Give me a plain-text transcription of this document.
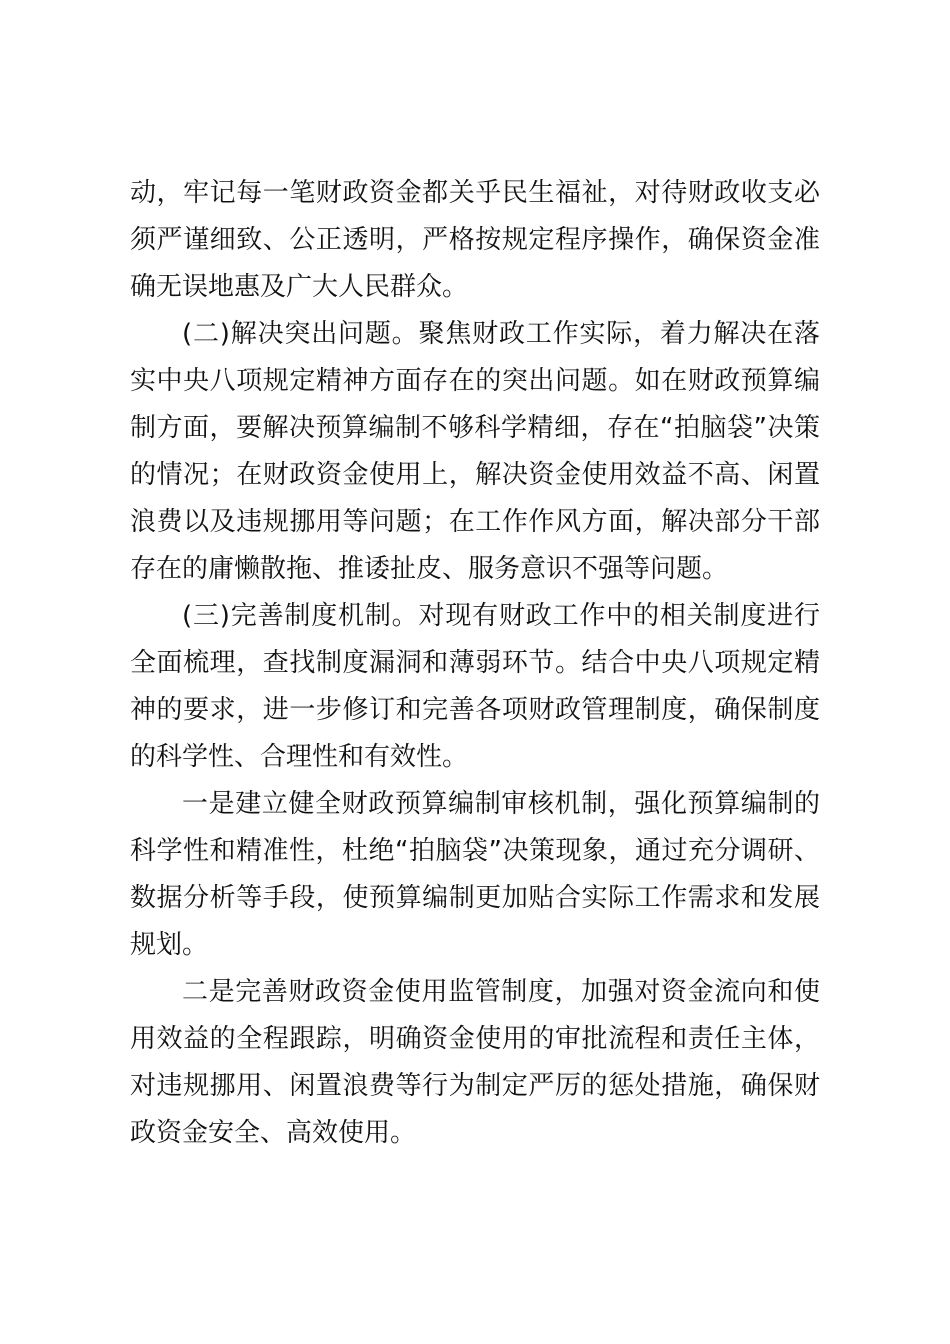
动，牢记每一笔财政资金都关乎民生福祉，对待财政收支必须严谨细致、公正透明，严格按规定程序操作，确保资金准确无误地惠及广大人民群众。

(二)解决突出问题。聚焦财政工作实际，着力解决在落实中央八项规定精神方面存在的突出问题。如在财政预算编制方面，要解决预算编制不够科学精细，存在“拍脑袋”决策的情况；在财政资金使用上，解决资金使用效益不高、闲置浪费以及违规挪用等问题；在工作作风方面，解决部分干部存在的庸懒散拖、推诿扯皮、服务意识不强等问题。

(三)完善制度机制。对现有财政工作中的相关制度进行全面梳理，查找制度漏洞和薄弱环节。结合中央八项规定精神的要求，进一步修订和完善各项财政管理制度，确保制度的科学性、合理性和有效性。

一是建立健全财政预算编制审核机制，强化预算编制的科学性和精准性，杜绝“拍脑袋”决策现象，通过充分调研、数据分析等手段，使预算编制更加贴合实际工作需求和发展规划。

二是完善财政资金使用监管制度，加强对资金流向和使用效益的全程跟踪，明确资金使用的审批流程和责任主体，对违规挪用、闲置浪费等行为制定严厉的惩处措施，确保财政资金安全、高效使用。
